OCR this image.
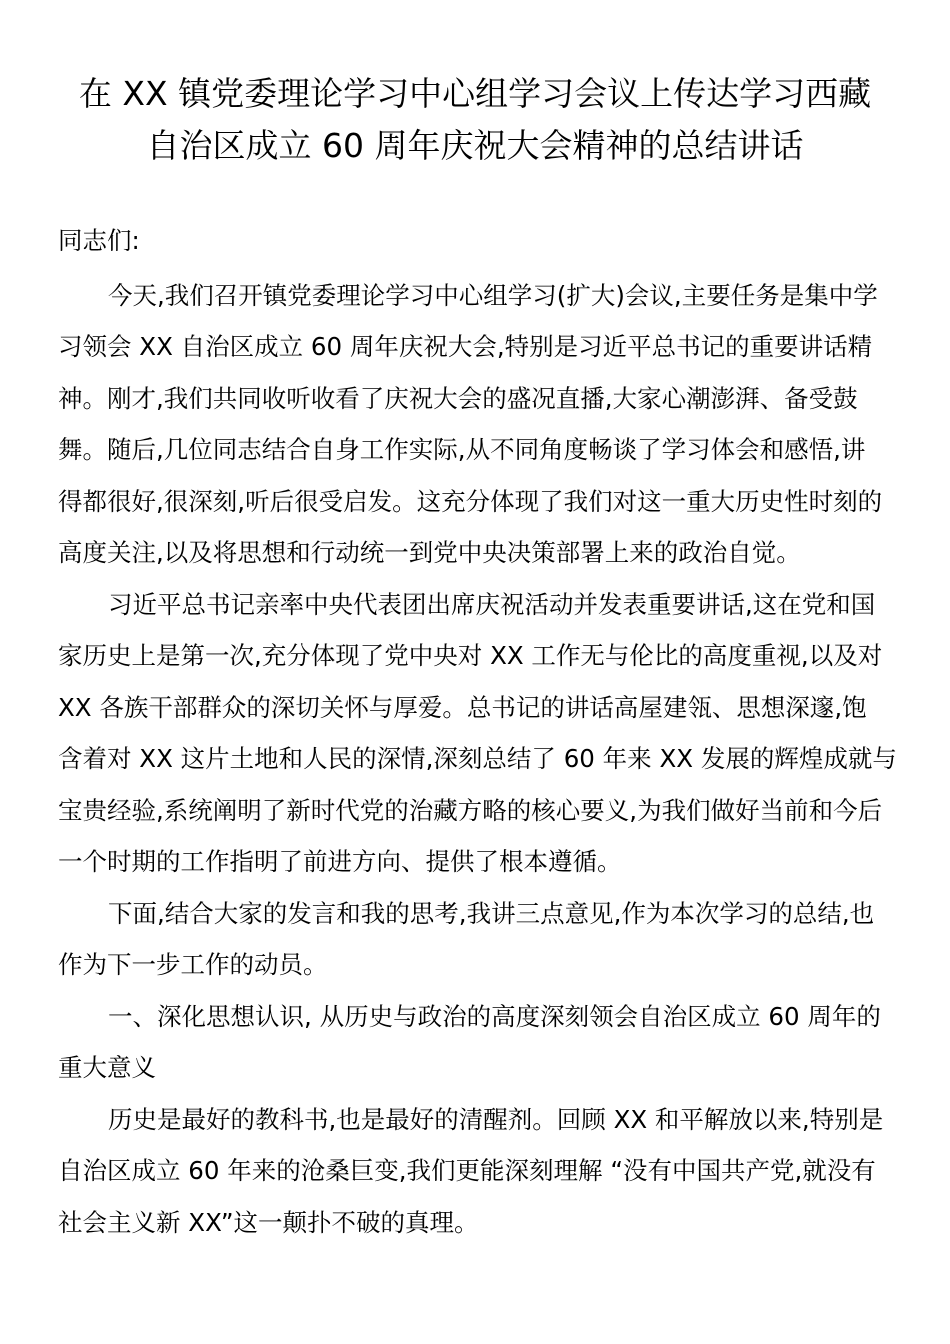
在 XX 镇党委理论学习中心组学习会议上传达学习西藏
自治区成立 60 周年庆祝大会精神的总结讲话
同志们:
今天,我们召开镇党委理论学习中心组学习(扩大)会议,主要任务是集中学
习领会 XX 自治区成立 60 周年庆祝大会,特别是习近平总书记的重要讲话精
神。刚才,我们共同收听收看了庆祝大会的盛况直播,大家心潮澎湃、备受鼓
舞。随后,几位同志结合自身工作实际,从不同角度畅谈了学习体会和感悟,讲
得都很好,很深刻,听后很受启发。这充分体现了我们对这一重大历史性时刻的
高度关注,以及将思想和行动统一到党中央决策部署上来的政治自觉。
习近平总书记亲率中央代表团出席庆祝活动并发表重要讲话,这在党和国
家历史上是第一次,充分体现了党中央对 XX 工作无与伦比的高度重视,以及对
XX 各族干部群众的深切关怀与厚爱。总书记的讲话高屋建瓴、思想深邃,饱
含着对 XX 这片土地和人民的深情,深刻总结了 60 年来 XX 发展的辉煌成就与
宝贵经验,系统阐明了新时代党的治藏方略的核心要义,为我们做好当前和今后
一个时期的工作指明了前进方向、提供了根本遵循。
下面,结合大家的发言和我的思考,我讲三点意见,作为本次学习的总结,也
作为下一步工作的动员。
一、深化思想认识, 从历史与政治的高度深刻领会自治区成立 60 周年的
重大意义
历史是最好的教科书,也是最好的清醒剂。回顾 XX 和平解放以来,特别是
自治区成立 60 年来的沧桑巨变,我们更能深刻理解 “没有中国共产党,就没有
社会主义新 XX”这一颠扑不破的真理。
